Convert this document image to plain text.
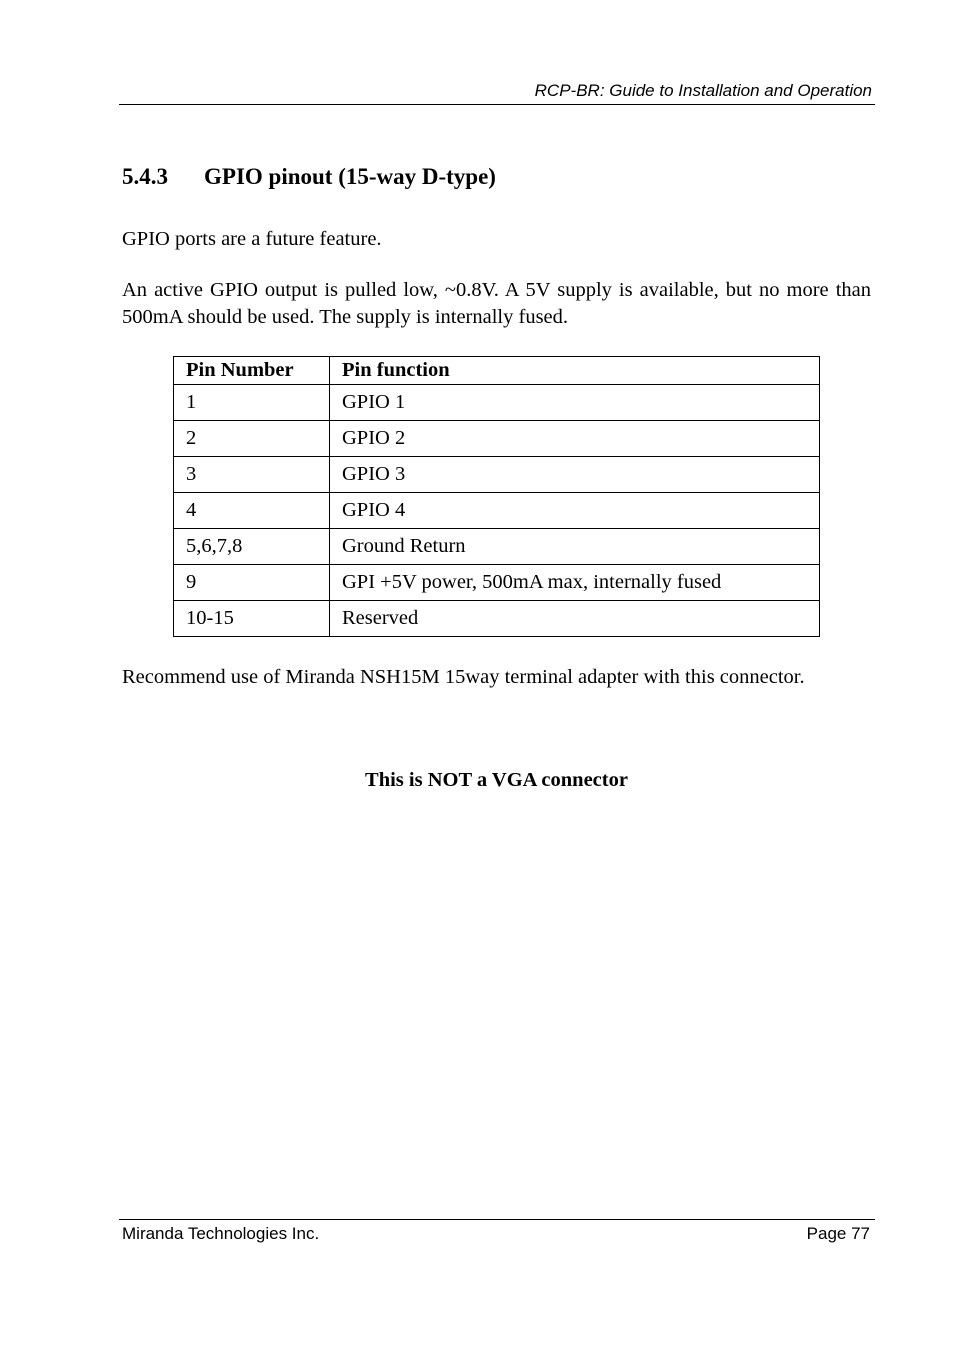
RCP-BR: Guide to Installation and Operation
5.4.3 GPIO pinout (15-way D-type)
GPIO ports are a future feature.
An active GPIO output is pulled low, ~0.8V. A 5V supply is available, but no more than 500mA should be used. The supply is internally fused.
Pin Number	Pin function
1	GPIO 1
2	GPIO 2
3	GPIO 3
4	GPIO 4
5,6,7,8	Ground Return
9	GPI +5V power, 500mA max, internally fused
10-15	Reserved
Recommend use of Miranda NSH15M 15way terminal adapter with this connector.
This is NOT a VGA connector
Miranda Technologies Inc.	Page 77
